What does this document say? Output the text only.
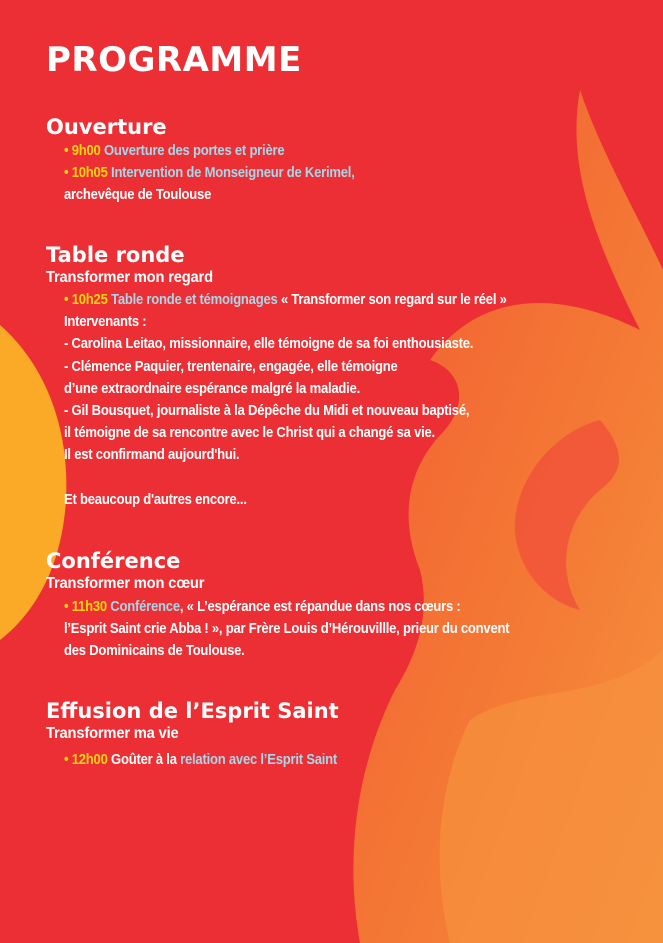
PROGRAMME
Ouverture
• 9h00 Ouverture des portes et prière
• 10h05 Intervention de Monseigneur de Kerimel,
archevêque de Toulouse
Table ronde
Transformer mon regard
• 10h25 Table ronde et témoignages « Transformer son regard sur le réel »
Intervenants :
- Carolina Leitao, missionnaire, elle témoigne de sa foi enthousiaste.
- Clémence Paquier, trentenaire, engagée, elle témoigne
d’une extraordnaire espérance malgré la maladie.
- Gil Bousquet, journaliste à la Dépêche du Midi et nouveau baptisé,
il témoigne de sa rencontre avec le Christ qui a changé sa vie.
Il est confirmand aujourd'hui.
Et beaucoup d'autres encore...
Conférence
Transformer mon cœur
• 11h30 Conférence, « L’espérance est répandue dans nos cœurs :
l’Esprit Saint crie Abba ! », par Frère Louis d’Hérouvillle, prieur du convent
des Dominicains de Toulouse.
Effusion de l’Esprit Saint
Transformer ma vie
• 12h00 Goûter à la relation avec l’Esprit Saint
